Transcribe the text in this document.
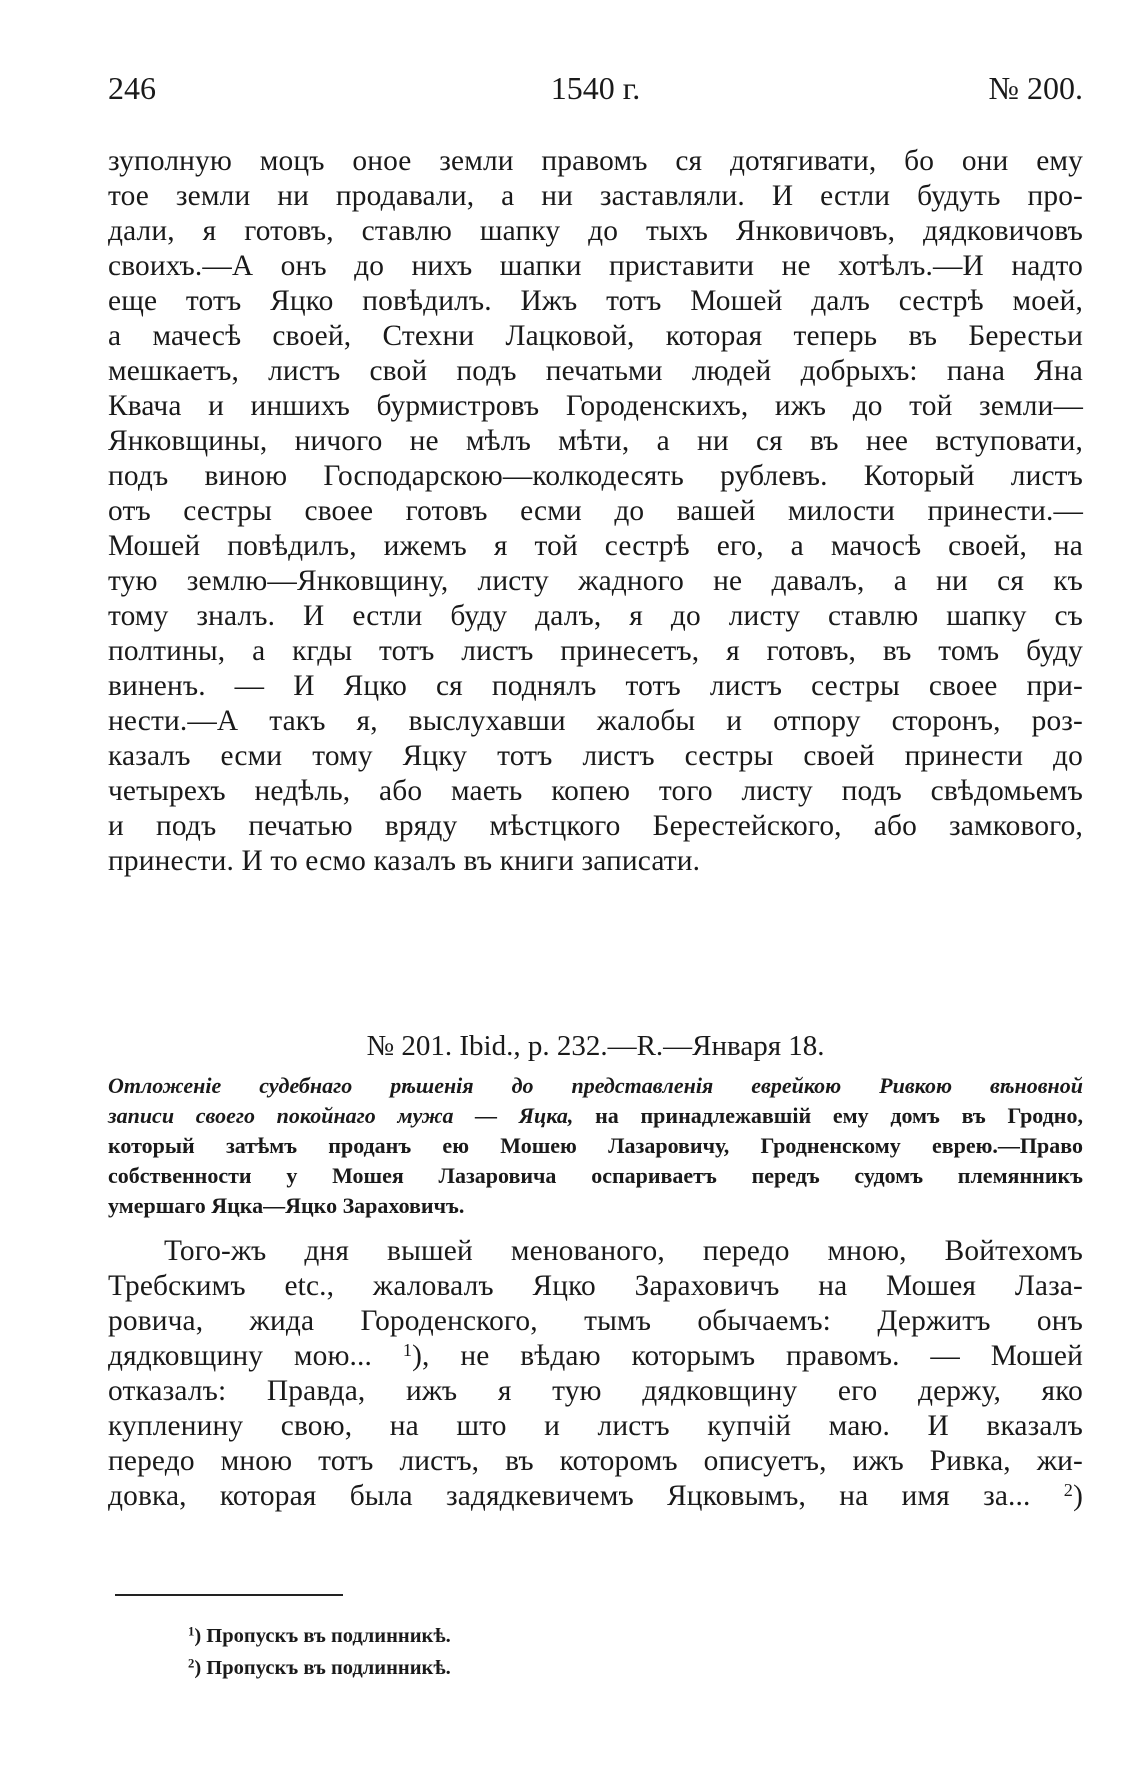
246	1540 г.	№ 200.
зуполную моцъ оное земли правомъ ся дотягивати, бо они ему
тое земли ни продавали, а ни заставляли. И естли будуть про-
дали, я готовъ, ставлю шапку до тыхъ Янковичовъ, дядковичовъ
своихъ.—А онъ до нихъ шапки приставити не хотѣлъ.—И надто
еще тотъ Яцко повѣдилъ. Ижъ тотъ Мошей далъ сестрѣ моей,
а мачесѣ своей, Стехни Лацковой, которая теперь въ Берестьи
мешкаетъ, листъ свой подъ печатьми людей добрыхъ: пана Яна
Квача и иншихъ бурмистровъ Городенскихъ, ижъ до той земли—
Янковщины, ничого не мѣлъ мѣти, а ни ся въ нее вступовати,
подъ виною Господарскою—колкодесять рублевъ. Который листъ
отъ сестры своее готовъ есми до вашей милости принести.—
Мошей повѣдилъ, ижемъ я той сестрѣ его, а мачосѣ своей, на
тую землю—Янковщину, листу жадного не давалъ, а ни ся къ
тому зналъ. И естли буду далъ, я до листу ставлю шапку съ
полтины, а кгды тотъ листъ принесетъ, я готовъ, въ томъ буду
виненъ. — И Яцко ся поднялъ тотъ листъ сестры своее при-
нести.—А такъ я, выслухавши жалобы и отпору сторонъ, роз-
казалъ есми тому Яцку тотъ листъ сестры своей принести до
четырехъ недѣль, або маеть копею того листу подъ свѣдомьемъ
и подъ печатью вряду мѣстцкого Берестейского, або замкового,
принести. И то есмо казалъ въ книги записати.
№ 201. Ibid., p. 232.—R.—Января 18.
Отложеніе судебнаго рѣшенія до представленія еврейкою Ривкою вѣновной
записи своего покойнаго мужа — Яцка, на принадлежавшій ему домъ въ Гродно,
который затѣмъ проданъ ею Мошею Лазаровичу, Гродненскому еврею.—Право
собственности у Мошея Лазаровича оспариваетъ передъ судомъ племянникъ
умершаго Яцка—Яцко Зараховичъ.
Того-жъ дня вышей менованого, передо мною, Войтехомъ
Требскимъ etc., жаловалъ Яцко Зараховичъ на Мошея Лаза-
ровича, жида Городенского, тымъ обычаемъ: Держитъ онъ
дядковщину мою... $^1$), не вѣдаю которымъ правомъ. — Мошей
отказалъ: Правда, ижъ я тую дядковщину его держу, яко
купленину свою, на што и листъ купчій маю. И вказалъ
передо мною тотъ листъ, въ которомъ описуетъ, ижъ Ривка, жи-
довка, которая была задядкевичемъ Яцковымъ, на имя за... $^2$)
$^1$) Пропускъ въ подлинникѣ.
$^2$) Пропускъ въ подлинникѣ.
